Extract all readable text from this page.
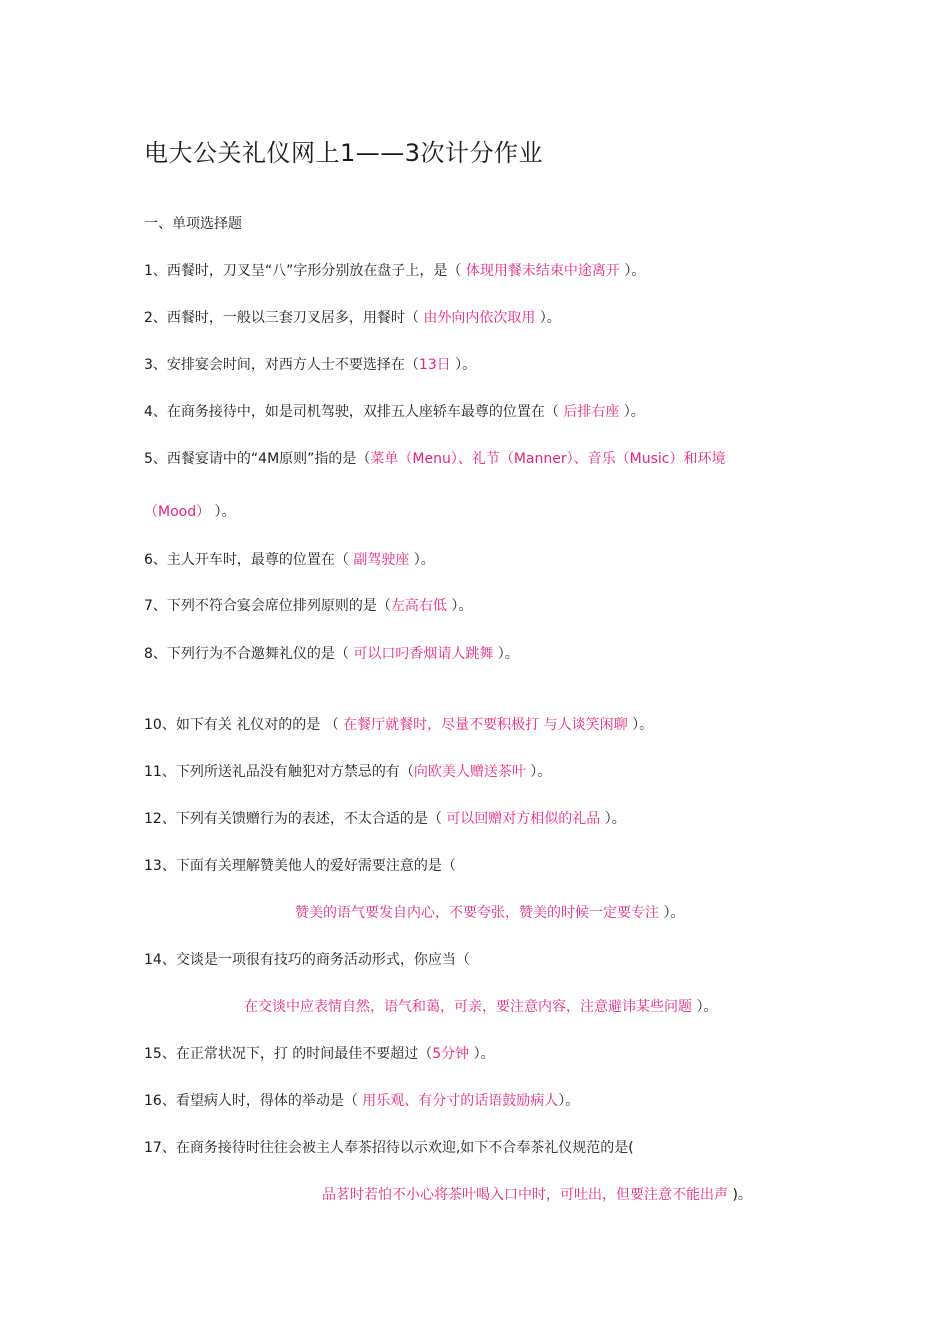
电大公关礼仪网上1——3次计分作业
一、单项选择题
1、西餐时，刀叉呈“八”字形分别放在盘子上，是（ 体现用餐未结束中途离开 ）。
2、西餐时，一般以三套刀叉居多，用餐时（ 由外向内依次取用 ）。
3、安排宴会时间，对西方人士不要选择在（13日 ）。
4、在商务接待中，如是司机驾驶，双排五人座轿车最尊的位置在（ 后排右座 ）。
5、西餐宴请中的“4M原则”指的是（菜单（Menu）、礼节（Manner）、音乐（Music）和环境
（Mood） ）。
6、主人开车时，最尊的位置在（ 副驾驶座 ）。
7、下列不符合宴会席位排列原则的是（左高右低 ）。
8、下列行为不合邀舞礼仪的是（ 可以口叼香烟请人跳舞 ）。
10、如下有关 礼仪对的的是 （ 在餐厅就餐时，尽量不要积极打 与人谈笑闲聊 ）。
11、下列所送礼品没有触犯对方禁忌的有（向欧美人赠送茶叶 ）。
12、下列有关馈赠行为的表述，不太合适的是（ 可以回赠对方相似的礼品 ）。
13、下面有关理解赞美他人的爱好需要注意的是（
赞美的语气要发自内心，不要夸张，赞美的时候一定要专注 ）。
14、交谈是一项很有技巧的商务活动形式，你应当（
在交谈中应表情自然，语气和蔼，可亲，要注意内容，注意避讳某些问题 ）。
15、在正常状况下，打 的时间最佳不要超过（5分钟 ）。
16、看望病人时，得体的举动是（ 用乐观、有分寸的话语鼓励病人）。
17、在商务接待时往往会被主人奉茶招待以示欢迎,如下不合奉茶礼仪规范的是(
品茗时若怕不小心将茶叶喝入口中时，可吐出，但要注意不能出声 )。
